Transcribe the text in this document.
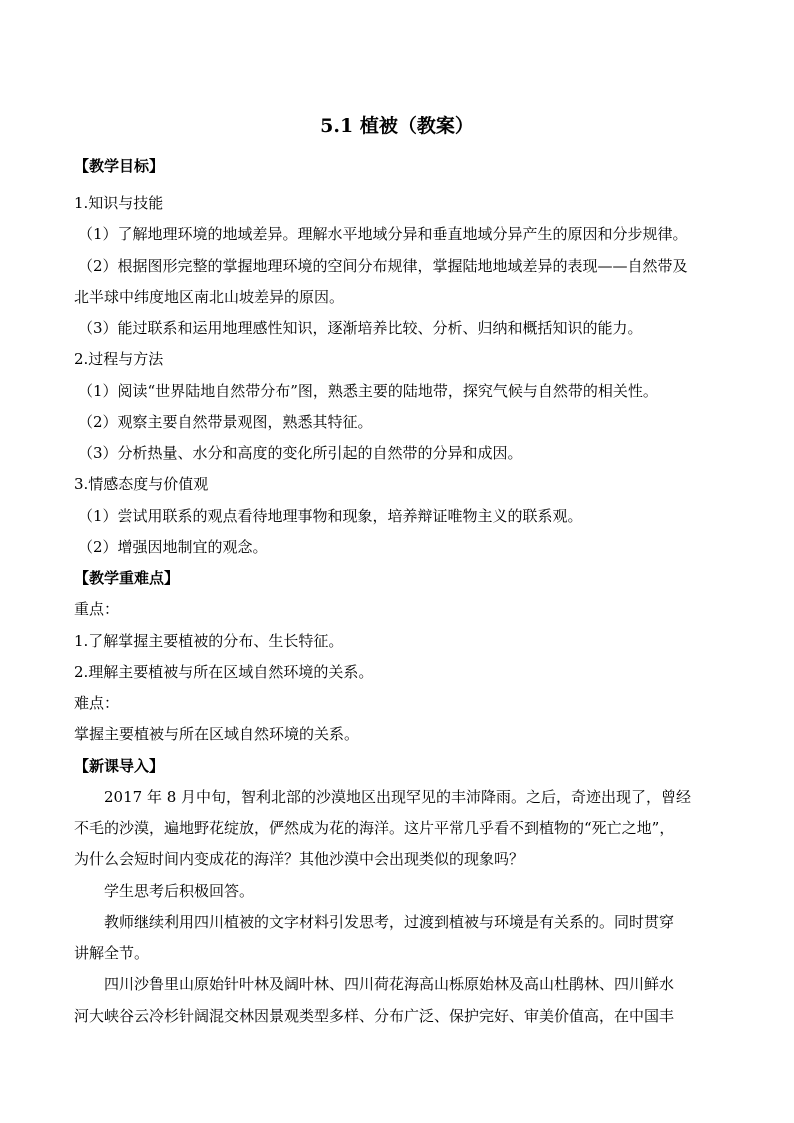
5.1 植被（教案）
【教学目标】
1.知识与技能
（1）了解地理环境的地域差异。理解水平地域分异和垂直地域分异产生的原因和分步规律。
（2）根据图形完整的掌握地理环境的空间分布规律，掌握陆地地域差异的表现——自然带及
北半球中纬度地区南北山坡差异的原因。
（3）能过联系和运用地理感性知识，逐渐培养比较、分析、归纳和概括知识的能力。
2.过程与方法
（1）阅读“世界陆地自然带分布”图，熟悉主要的陆地带，探究气候与自然带的相关性。
（2）观察主要自然带景观图，熟悉其特征。
（3）分析热量、水分和高度的变化所引起的自然带的分异和成因。
3.情感态度与价值观
（1）尝试用联系的观点看待地理事物和现象，培养辩证唯物主义的联系观。
（2）增强因地制宜的观念。
【教学重难点】
重点：
1.了解掌握主要植被的分布、生长特征。
2.理解主要植被与所在区域自然环境的关系。
难点：
掌握主要植被与所在区域自然环境的关系。
【新课导入】
2017 年 8 月中旬，智利北部的沙漠地区出现罕见的丰沛降雨。之后，奇迹出现了，曾经
不毛的沙漠，遍地野花绽放，俨然成为花的海洋。这片平常几乎看不到植物的“死亡之地”，
为什么会短时间内变成花的海洋？其他沙漠中会出现类似的现象吗？
学生思考后积极回答。
教师继续利用四川植被的文字材料引发思考，过渡到植被与环境是有关系的。同时贯穿
讲解全节。
四川沙鲁里山原始针叶林及阔叶林、四川荷花海高山栎原始林及高山杜鹃林、四川鲜水
河大峡谷云冷杉针阔混交林因景观类型多样、分布广泛、保护完好、审美价值高，在中国丰
